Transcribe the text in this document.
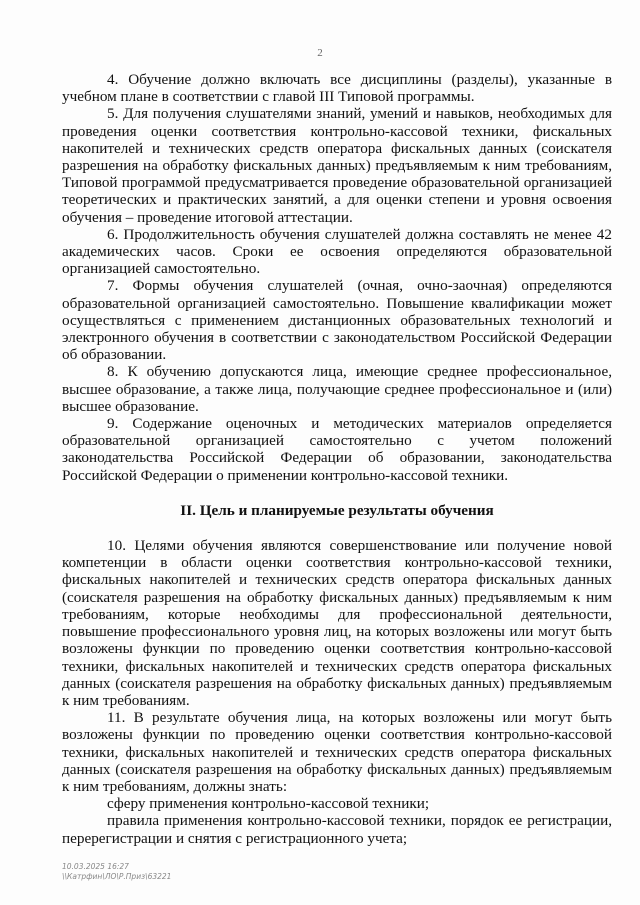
2

4. Обучение должно включать все дисциплины (разделы), указанные в учебном плане в соответствии с главой III Типовой программы.

5. Для получения слушателями знаний, умений и навыков, необходимых для проведения оценки соответствия контрольно-кассовой техники, фискальных накопителей и технических средств оператора фискальных данных (соискателя разрешения на обработку фискальных данных) предъявляемым к ним требованиям, Типовой программой предусматривается проведение образовательной организацией теоретических и практических занятий, а для оценки степени и уровня освоения обучения – проведение итоговой аттестации.

6. Продолжительность обучения слушателей должна составлять не менее 42 академических часов. Сроки ее освоения определяются образовательной организацией самостоятельно.

7. Формы обучения слушателей (очная, очно-заочная) определяются образовательной организацией самостоятельно. Повышение квалификации может осуществляться с применением дистанционных образовательных технологий и электронного обучения в соответствии с законодательством Российской Федерации об образовании.

8. К обучению допускаются лица, имеющие среднее профессиональное, высшее образование, а также лица, получающие среднее профессиональное и (или) высшее образование.

9. Содержание оценочных и методических материалов определяется образовательной организацией самостоятельно с учетом положений законодательства Российской Федерации об образовании, законодательства Российской Федерации о применении контрольно-кассовой техники.

II. Цель и планируемые результаты обучения

10. Целями обучения являются совершенствование или получение новой компетенции в области оценки соответствия контрольно-кассовой техники, фискальных накопителей и технических средств оператора фискальных данных (соискателя разрешения на обработку фискальных данных) предъявляемым к ним требованиям, которые необходимы для профессиональной деятельности, повышение профессионального уровня лиц, на которых возложены или могут быть возложены функции по проведению оценки соответствия контрольно-кассовой техники, фискальных накопителей и технических средств оператора фискальных данных (соискателя разрешения на обработку фискальных данных) предъявляемым к ним требованиям.

11. В результате обучения лица, на которых возложены или могут быть возложены функции по проведению оценки соответствия контрольно-кассовой техники, фискальных накопителей и технических средств оператора фискальных данных (соискателя разрешения на обработку фискальных данных) предъявляемым к ним требованиям, должны знать:

сферу применения контрольно-кассовой техники;

правила применения контрольно-кассовой техники, порядок ее регистрации, перерегистрации и снятия с регистрационного учета;

10.03.2025 16:27
\\Катрфин\ЛО\Р.Приз\63221
